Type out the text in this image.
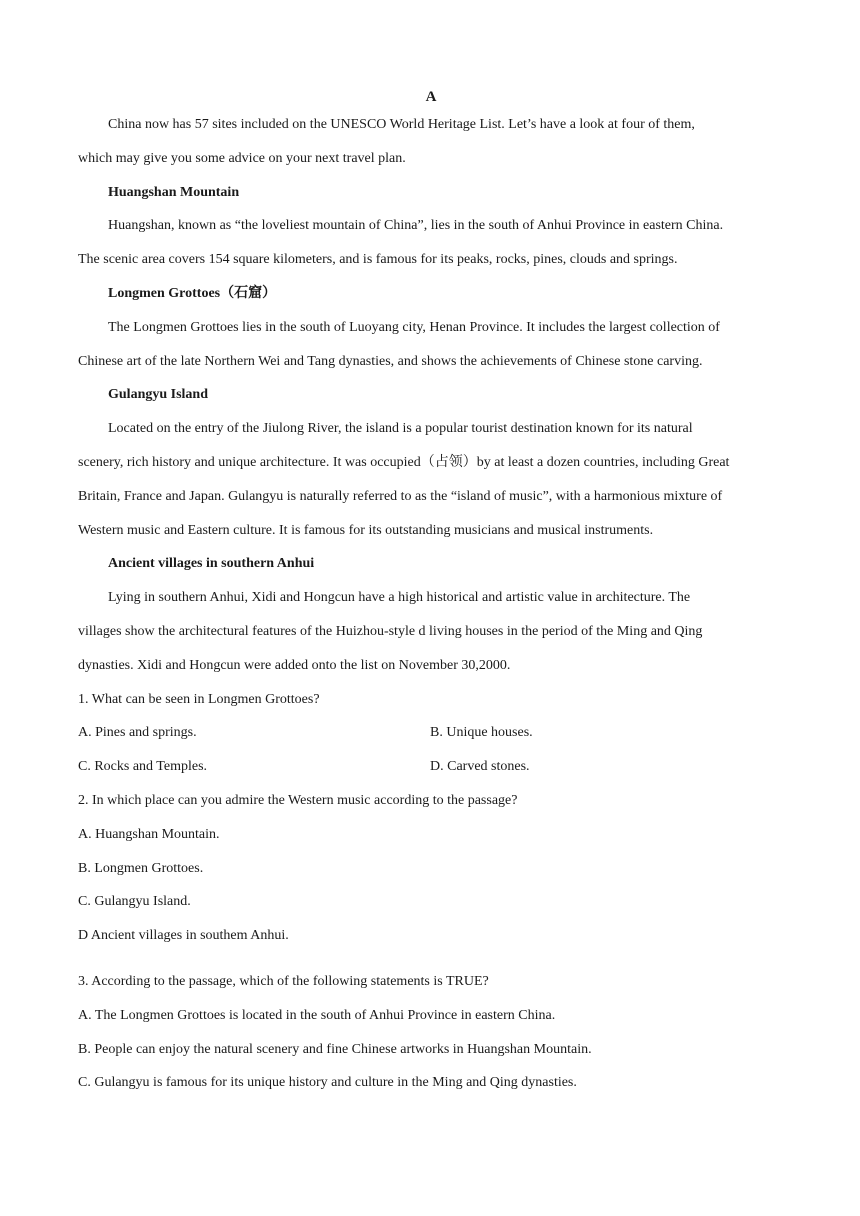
A
China now has 57 sites included on the UNESCO World Heritage List. Let’s have a look at four of them,
which may give you some advice on your next travel plan.
Huangshan Mountain
Huangshan, known as “the loveliest mountain of China”, lies in the south of Anhui Province in eastern China.
The scenic area covers 154 square kilometers, and is famous for its peaks, rocks, pines, clouds and springs.
Longmen Grottoes（石窟）
The Longmen Grottoes lies in the south of Luoyang city, Henan Province. It includes the largest collection of
Chinese art of the late Northern Wei and Tang dynasties, and shows the achievements of Chinese stone carving.
Gulangyu Island
Located on the entry of the Jiulong River, the island is a popular tourist destination known for its natural
scenery, rich history and unique architecture. It was occupied（占领）by at least a dozen countries, including Great
Britain, France and Japan. Gulangyu is naturally referred to as the “island of music”, with a harmonious mixture of
Western music and Eastern culture. It is famous for its outstanding musicians and musical instruments.
Ancient villages in southern Anhui
Lying in southern Anhui, Xidi and Hongcun have a high historical and artistic value in architecture. The
villages show the architectural features of the Huizhou-style d living houses in the period of the Ming and Qing
dynasties. Xidi and Hongcun were added onto the list on November 30,2000.
1. What can be seen in Longmen Grottoes?
A. Pines and springs.	B. Unique houses.
C. Rocks and Temples.	D. Carved stones.
2. In which place can you admire the Western music according to the passage?
A. Huangshan Mountain.
B. Longmen Grottoes.
C. Gulangyu Island.
D Ancient villages in southem Anhui.
3. According to the passage, which of the following statements is TRUE?
A. The Longmen Grottoes is located in the south of Anhui Province in eastern China.
B. People can enjoy the natural scenery and fine Chinese artworks in Huangshan Mountain.
C. Gulangyu is famous for its unique history and culture in the Ming and Qing dynasties.
